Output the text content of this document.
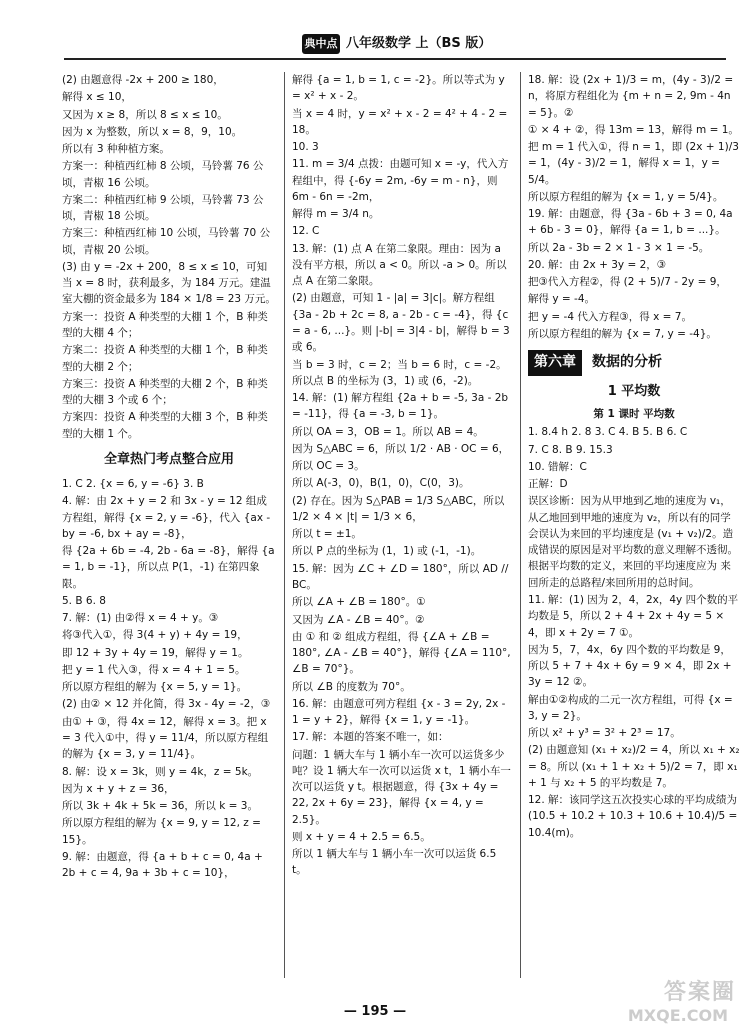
典中点 八年级数学 上（BS 版）

(2) 由题意得 -2x + 200 ≥ 180，

解得 x ≤ 10，

又因为 x ≥ 8，所以 8 ≤ x ≤ 10。

因为 x 为整数，所以 x = 8，9，10。

所以有 3 种种植方案。

方案一：种植西红柿 8 公顷，马铃薯 76 公顷，青椒 16 公顷。

方案二：种植西红柿 9 公顷，马铃薯 73 公顷，青椒 18 公顷。

方案三：种植西红柿 10 公顷，马铃薯 70 公顷，青椒 20 公顷。

(3) 由 y = -2x + 200，8 ≤ x ≤ 10，可知当 x = 8 时，获利最多，为 184 万元。建温室大棚的资金最多为 184 × 1/8 = 23 万元。

方案一：投资 A 种类型的大棚 1 个，B 种类型的大棚 4 个；

方案二：投资 A 种类型的大棚 1 个，B 种类型的大棚 2 个；

方案三：投资 A 种类型的大棚 2 个，B 种类型的大棚 3 个或 6 个；

方案四：投资 A 种类型的大棚 3 个，B 种类型的大棚 1 个。

全章热门考点整合应用

1. C 2. {x = 6, y = -6} 3. B

4. 解：由 2x + y = 2 和 3x - y = 12 组成方程组，解得 {x = 2, y = -6}，代入 {ax - by = -6, bx + ay = -8}，

得 {2a + 6b = -4, 2b - 6a = -8}，解得 {a = 1, b = -1}，所以点 P(1，-1) 在第四象限。

5. B 6. 8

7. 解：(1) 由②得 x = 4 + y。③

将③代入①，得 3(4 + y) + 4y = 19，

即 12 + 3y + 4y = 19，解得 y = 1。

把 y = 1 代入③，得 x = 4 + 1 = 5。

所以原方程组的解为 {x = 5, y = 1}。

(2) 由② × 12 并化简，得 3x - 4y = -2，③

由① + ③，得 4x = 12，解得 x = 3。把 x = 3 代入①中，得 y = 11/4，所以原方程组的解为 {x = 3, y = 11/4}。

8. 解：设 x = 3k，则 y = 4k，z = 5k。

因为 x + y + z = 36，

所以 3k + 4k + 5k = 36，所以 k = 3。

所以原方程组的解为 {x = 9, y = 12, z = 15}。

9. 解：由题意，得 {a + b + c = 0, 4a + 2b + c = 4, 9a + 3b + c = 10}，

解得 {a = 1, b = 1, c = -2}。所以等式为 y = x² + x - 2。

当 x = 4 时，y = x² + x - 2 = 4² + 4 - 2 = 18。

10. 3

11. m = 3/4 点拨：由题可知 x = -y，代入方程组中，得 {-6y = 2m, -6y = m - n}，则 6m - 6n = -2m，

解得 m = 3/4 n。

12. C

13. 解：(1) 点 A 在第二象限。理由：因为 a 没有平方根，所以 a < 0。所以 -a > 0。所以点 A 在第二象限。

(2) 由题意，可知 1 - |a| = 3|c|。解方程组 {3a - 2b + 2c = 8, a - 2b - c = -4}，得 {c = a - 6, ...}。则 |-b| = 3|4 - b|，解得 b = 3 或 6。

当 b = 3 时，c = 2；当 b = 6 时，c = -2。所以点 B 的坐标为 (3，1) 或 (6，-2)。

14. 解：(1) 解方程组 {2a + b = -5, 3a - 2b = -11}，得 {a = -3, b = 1}。

所以 OA = 3，OB = 1。所以 AB = 4。

因为 S△ABC = 6，所以 1/2 · AB · OC = 6，

所以 OC = 3。

所以 A(-3，0)，B(1，0)，C(0，3)。

(2) 存在。因为 S△PAB = 1/3 S△ABC，所以 1/2 × 4 × |t| = 1/3 × 6，

所以 t = ±1。

所以 P 点的坐标为 (1，1) 或 (-1，-1)。

15. 解：因为 ∠C + ∠D = 180°，所以 AD // BC。

所以 ∠A + ∠B = 180°。①

又因为 ∠A - ∠B = 40°。②

由 ① 和 ② 组成方程组，得 {∠A + ∠B = 180°, ∠A - ∠B = 40°}，解得 {∠A = 110°, ∠B = 70°}。

所以 ∠B 的度数为 70°。

16. 解：由题意可列方程组 {x - 3 = 2y, 2x - 1 = y + 2}，解得 {x = 1, y = -1}。

17. 解：本题的答案不唯一，如：

问题：1 辆大车与 1 辆小车一次可以运货多少吨？设 1 辆大车一次可以运货 x t，1 辆小车一次可以运货 y t。根据题意，得 {3x + 4y = 22, 2x + 6y = 23}，解得 {x = 4, y = 2.5}。

则 x + y = 4 + 2.5 = 6.5。

所以 1 辆大车与 1 辆小车一次可以运货 6.5 t。

18. 解：设 (2x + 1)/3 = m，(4y - 3)/2 = n，将原方程组化为 {m + n = 2, 9m - 4n = 5}。②

① × 4 + ②，得 13m = 13，解得 m = 1。

把 m = 1 代入①，得 n = 1，即 (2x + 1)/3 = 1，(4y - 3)/2 = 1，解得 x = 1，y = 5/4。

所以原方程组的解为 {x = 1, y = 5/4}。

19. 解：由题意，得 {3a - 6b + 3 = 0, 4a + 6b - 3 = 0}，解得 {a = 1, b = ...}。

所以 2a - 3b = 2 × 1 - 3 × 1 = -5。

20. 解：由 2x + 3y = 2，③

把③代入方程②，得 (2 + 5)/7 - 2y = 9，

解得 y = -4。

把 y = -4 代入方程③，得 x = 7。

所以原方程组的解为 {x = 7, y = -4}。

第六章 数据的分析
1 平均数
第 1 课时 平均数

1. 8.4 h 2. 8 3. C 4. B 5. B 6. C

7. C 8. B 9. 15.3

10. 错解：C

正解：D

误区诊断：因为从甲地到乙地的速度为 v₁，从乙地回到甲地的速度为 v₂，所以有的同学会误认为来回的平均速度是 (v₁ + v₂)/2。造成错误的原因是对平均数的意义理解不透彻。根据平均数的定义，来回的平均速度应为 来回所走的总路程/来回所用的总时间。

11. 解：(1) 因为 2，4，2x，4y 四个数的平均数是 5，所以 2 + 4 + 2x + 4y = 5 × 4，即 x + 2y = 7 ①。

因为 5，7，4x，6y 四个数的平均数是 9，所以 5 + 7 + 4x + 6y = 9 × 4，即 2x + 3y = 12 ②。

解由①②构成的二元一次方程组，可得 {x = 3, y = 2}。

所以 x² + y³ = 3² + 2³ = 17。

(2) 由题意知 (x₁ + x₂)/2 = 4，所以 x₁ + x₂ = 8。所以 (x₁ + 1 + x₂ + 5)/2 = 7，即 x₁ + 1 与 x₂ + 5 的平均数是 7。

12. 解：该同学这五次投实心球的平均成绩为 (10.5 + 10.2 + 10.3 + 10.6 + 10.4)/5 = 10.4(m)。

— 195 —
答案圈
MXQE.COM
